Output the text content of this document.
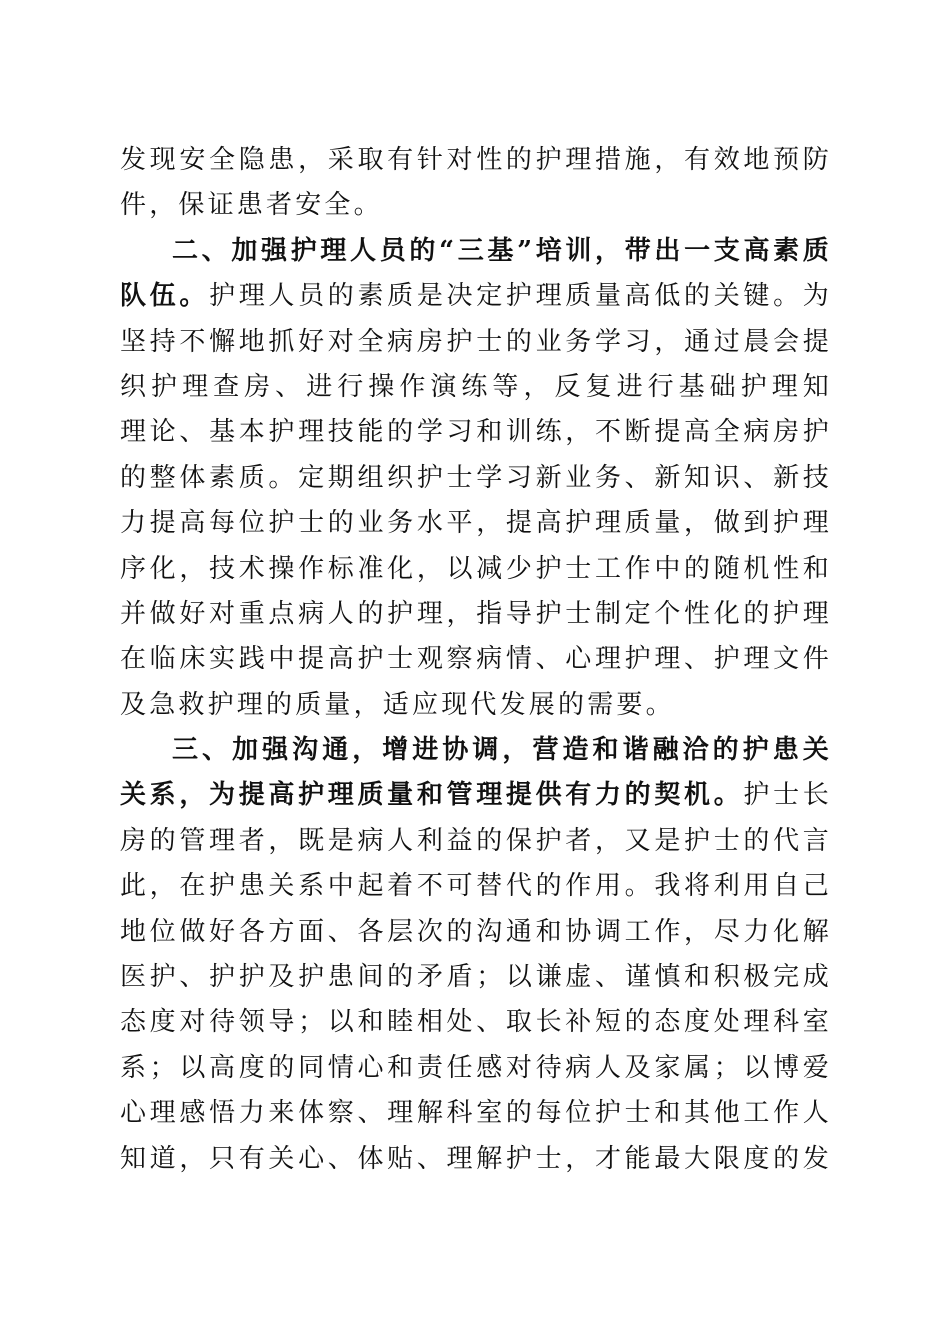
发现安全隐患，采取有针对性的护理措施，有效地预防
件，保证患者安全。
二、加强护理人员的“三基”培训，带出一支高素质
队伍。护理人员的素质是决定护理质量高低的关键。为
坚持不懈地抓好对全病房护士的业务学习，通过晨会提
织护理查房、进行操作演练等，反复进行基础护理知
理论、基本护理技能的学习和训练，不断提高全病房护
的整体素质。定期组织护士学习新业务、新知识、新技
力提高每位护士的业务水平，提高护理质量，做到护理
序化，技术操作标准化，以减少护士工作中的随机性和
并做好对重点病人的护理，指导护士制定个性化的护理
在临床实践中提高护士观察病情、心理护理、护理文件
及急救护理的质量，适应现代发展的需要。
三、加强沟通，增进协调，营造和谐融洽的护患关
关系，为提高护理质量和管理提供有力的契机。护士长
房的管理者，既是病人利益的保护者，又是护士的代言
此，在护患关系中起着不可替代的作用。我将利用自己
地位做好各方面、各层次的沟通和协调工作，尽力化解
医护、护护及护患间的矛盾；以谦虚、谨慎和积极完成
态度对待领导；以和睦相处、取长补短的态度处理科室
系；以高度的同情心和责任感对待病人及家属；以博爱
心理感悟力来体察、理解科室的每位护士和其他工作人
知道，只有关心、体贴、理解护士，才能最大限度的发
